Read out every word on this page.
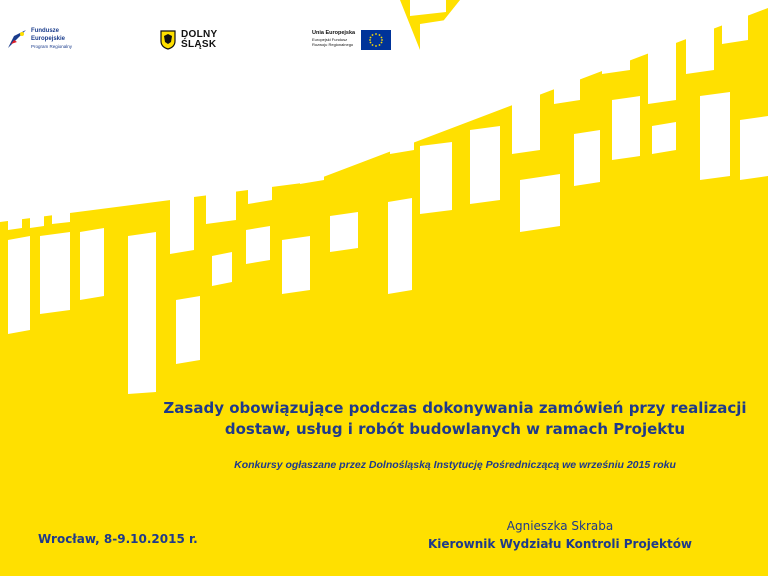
Fundusze
Europejskie
Program Regionalny
DOLNY
ŚLĄSK
Unia Europejska
Europejski Fundusz
Rozwoju Regionalnego
Zasady obowiązujące podczas dokonywania zamówień przy realizacji
dostaw, usług i robót budowlanych w ramach Projektu
Konkursy ogłaszane przez Dolnośląską Instytucję Pośredniczącą we wrześniu 2015 roku
Wrocław, 8-9.10.2015 r.
Agnieszka Skraba
Kierownik Wydziału Kontroli Projektów
